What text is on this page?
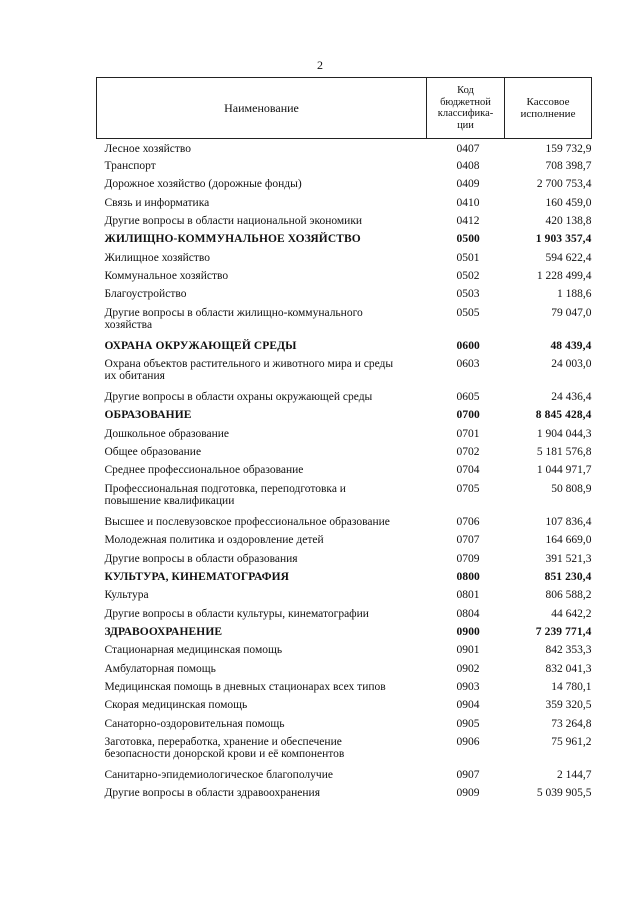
2
Наименование	Код
бюджетной
классифика-
ции	Кассовое
исполнение
Лесное хозяйство	0407	159 732,9
Транспорт	0408	708 398,7
Дорожное хозяйство (дорожные фонды)	0409	2 700 753,4
Связь и информатика	0410	160 459,0
Другие вопросы в области национальной экономики	0412	420 138,8
ЖИЛИЩНО-КОММУНАЛЬНОЕ ХОЗЯЙСТВО	0500	1 903 357,4
Жилищное хозяйство	0501	594 622,4
Коммунальное хозяйство	0502	1 228 499,4
Благоустройство	0503	1 188,6
Другие вопросы в области жилищно-коммунального
хозяйства	0505	79 047,0
ОХРАНА ОКРУЖАЮЩЕЙ СРЕДЫ	0600	48 439,4
Охрана объектов растительного и животного мира и среды
их обитания	0603	24 003,0
Другие вопросы в области охраны окружающей среды	0605	24 436,4
ОБРАЗОВАНИЕ	0700	8 845 428,4
Дошкольное образование	0701	1 904 044,3
Общее образование	0702	5 181 576,8
Среднее профессиональное образование	0704	1 044 971,7
Профессиональная подготовка, переподготовка и
повышение квалификации	0705	50 808,9
Высшее и послевузовское профессиональное образование	0706	107 836,4
Молодежная политика и оздоровление детей	0707	164 669,0
Другие вопросы в области образования	0709	391 521,3
КУЛЬТУРА, КИНЕМАТОГРАФИЯ	0800	851 230,4
Культура	0801	806 588,2
Другие вопросы в области культуры, кинематографии	0804	44 642,2
ЗДРАВООХРАНЕНИЕ	0900	7 239 771,4
Стационарная медицинская помощь	0901	842 353,3
Амбулаторная помощь	0902	832 041,3
Медицинская помощь в дневных стационарах всех типов	0903	14 780,1
Скорая медицинская помощь	0904	359 320,5
Санаторно-оздоровительная помощь	0905	73 264,8
Заготовка, переработка, хранение и обеспечение
безопасности донорской крови и её компонентов	0906	75 961,2
Санитарно-эпидемиологическое благополучие	0907	2 144,7
Другие вопросы в области здравоохранения	0909	5 039 905,5
